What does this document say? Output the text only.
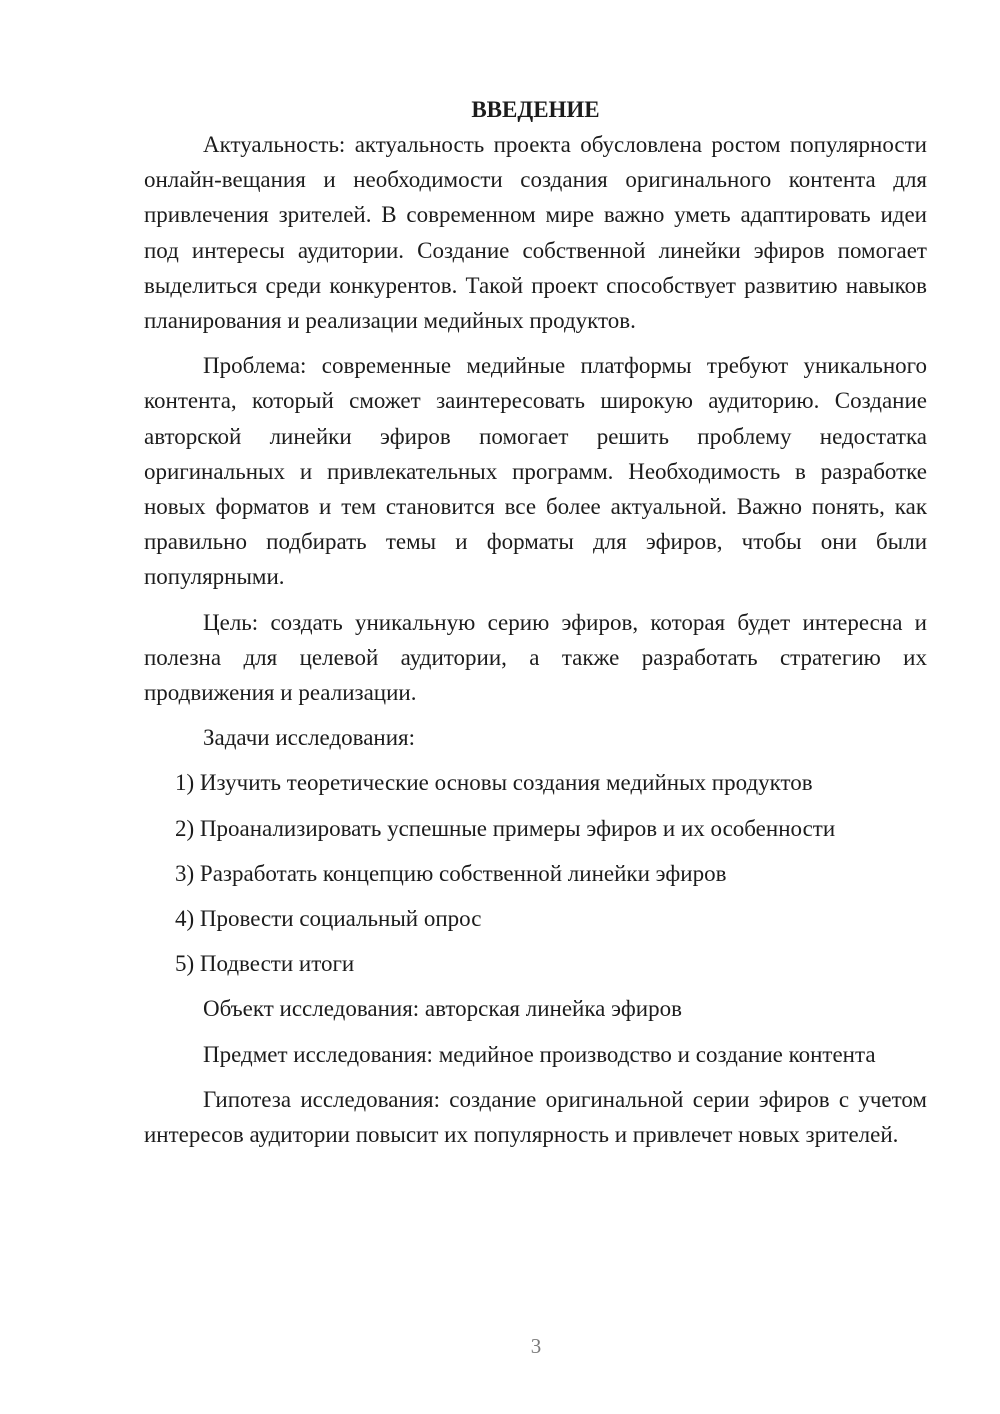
ВВЕДЕНИЕ

Актуальность: актуальность проекта обусловлена ростом популярности онлайн-вещания и необходимости создания оригинального контента для привлечения зрителей. В современном мире важно уметь адаптировать идеи под интересы аудитории. Создание собственной линейки эфиров помогает выделиться среди конкурентов. Такой проект способствует развитию навыков планирования и реализации медийных продуктов.

Проблема: современные медийные платформы требуют уникального контента, который сможет заинтересовать широкую аудиторию. Создание авторской линейки эфиров помогает решить проблему недостатка оригинальных и привлекательных программ. Необходимость в разработке новых форматов и тем становится все более актуальной. Важно понять, как правильно подбирать темы и форматы для эфиров, чтобы они были популярными.

Цель: создать уникальную серию эфиров, которая будет интересна и полезна для целевой аудитории, а также разработать стратегию их продвижения и реализации.

Задачи исследования:

1) Изучить теоретические основы создания медийных продуктов
2) Проанализировать успешные примеры эфиров и их особенности
3) Разработать концепцию собственной линейки эфиров
4) Провести социальный опрос
5) Подвести итоги

Объект исследования: авторская линейка эфиров

Предмет исследования: медийное производство и создание контента

Гипотеза исследования: создание оригинальной серии эфиров с учетом интересов аудитории повысит их популярность и привлечет новых зрителей.

3
